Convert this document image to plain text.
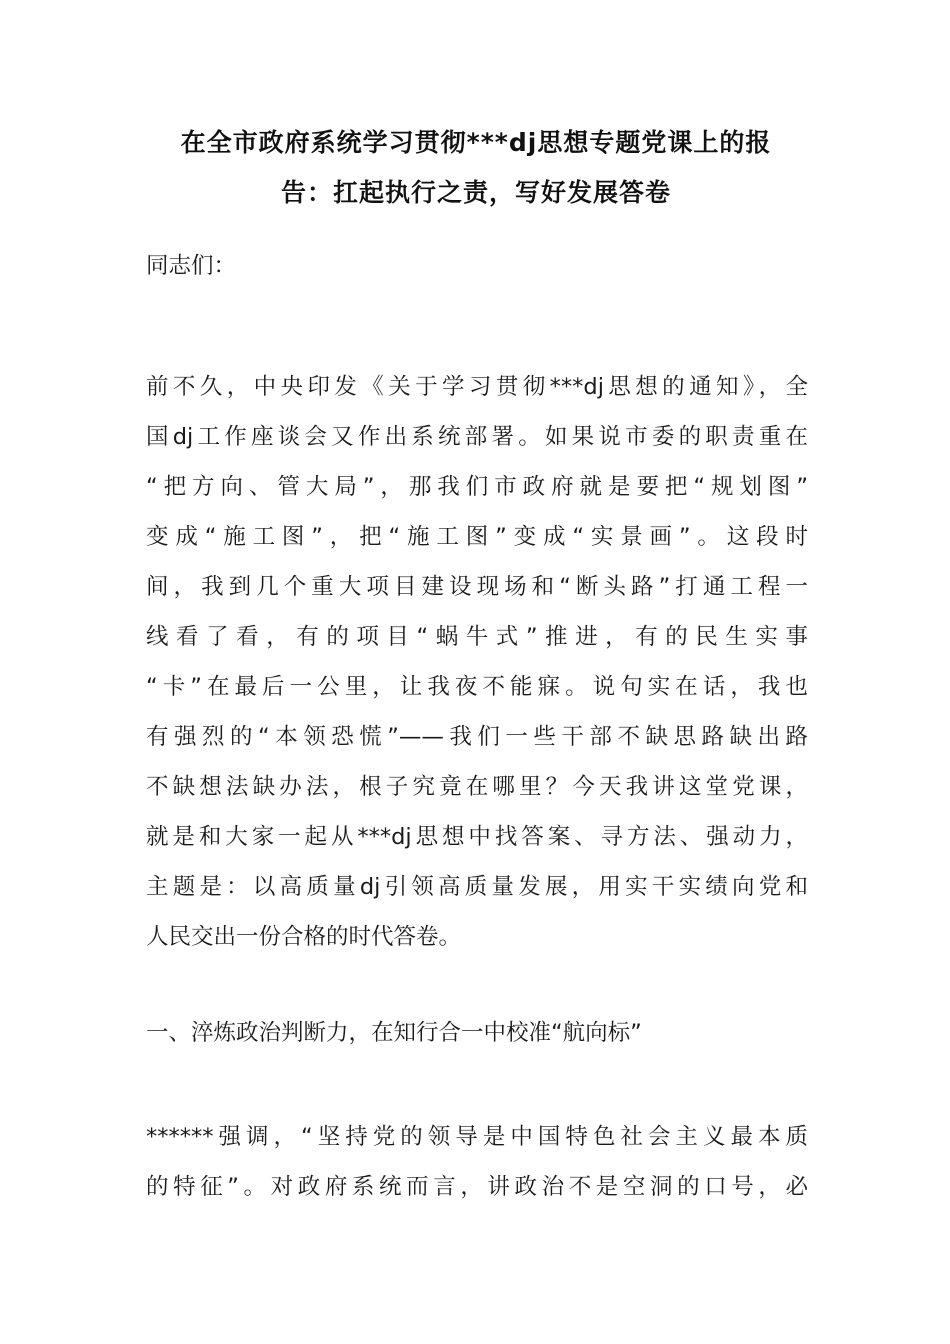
在全市政府系统学习贯彻***dj思想专题党课上的报
告：扛起执行之责，写好发展答卷
同志们：
前不久，中央印发《关于学习贯彻***dj思想的通知》，全
国dj工作座谈会又作出系统部署。如果说市委的职责重在
“把方向、管大局”，那我们市政府就是要把“规划图”
变成“施工图”，把“施工图”变成“实景画”。这段时
间，我到几个重大项目建设现场和“断头路”打通工程一
线看了看，有的项目“蜗牛式”推进，有的民生实事
“卡”在最后一公里，让我夜不能寐。说句实在话，我也
有强烈的“本领恐慌”——我们一些干部不缺思路缺出路
不缺想法缺办法，根子究竟在哪里？今天我讲这堂党课，
就是和大家一起从***dj思想中找答案、寻方法、强动力，
主题是：以高质量dj引领高质量发展，用实干实绩向党和
人民交出一份合格的时代答卷。
一、淬炼政治判断力，在知行合一中校准“航向标”
******强调，“坚持党的领导是中国特色社会主义最本质
的特征”。对政府系统而言，讲政治不是空洞的口号，必
